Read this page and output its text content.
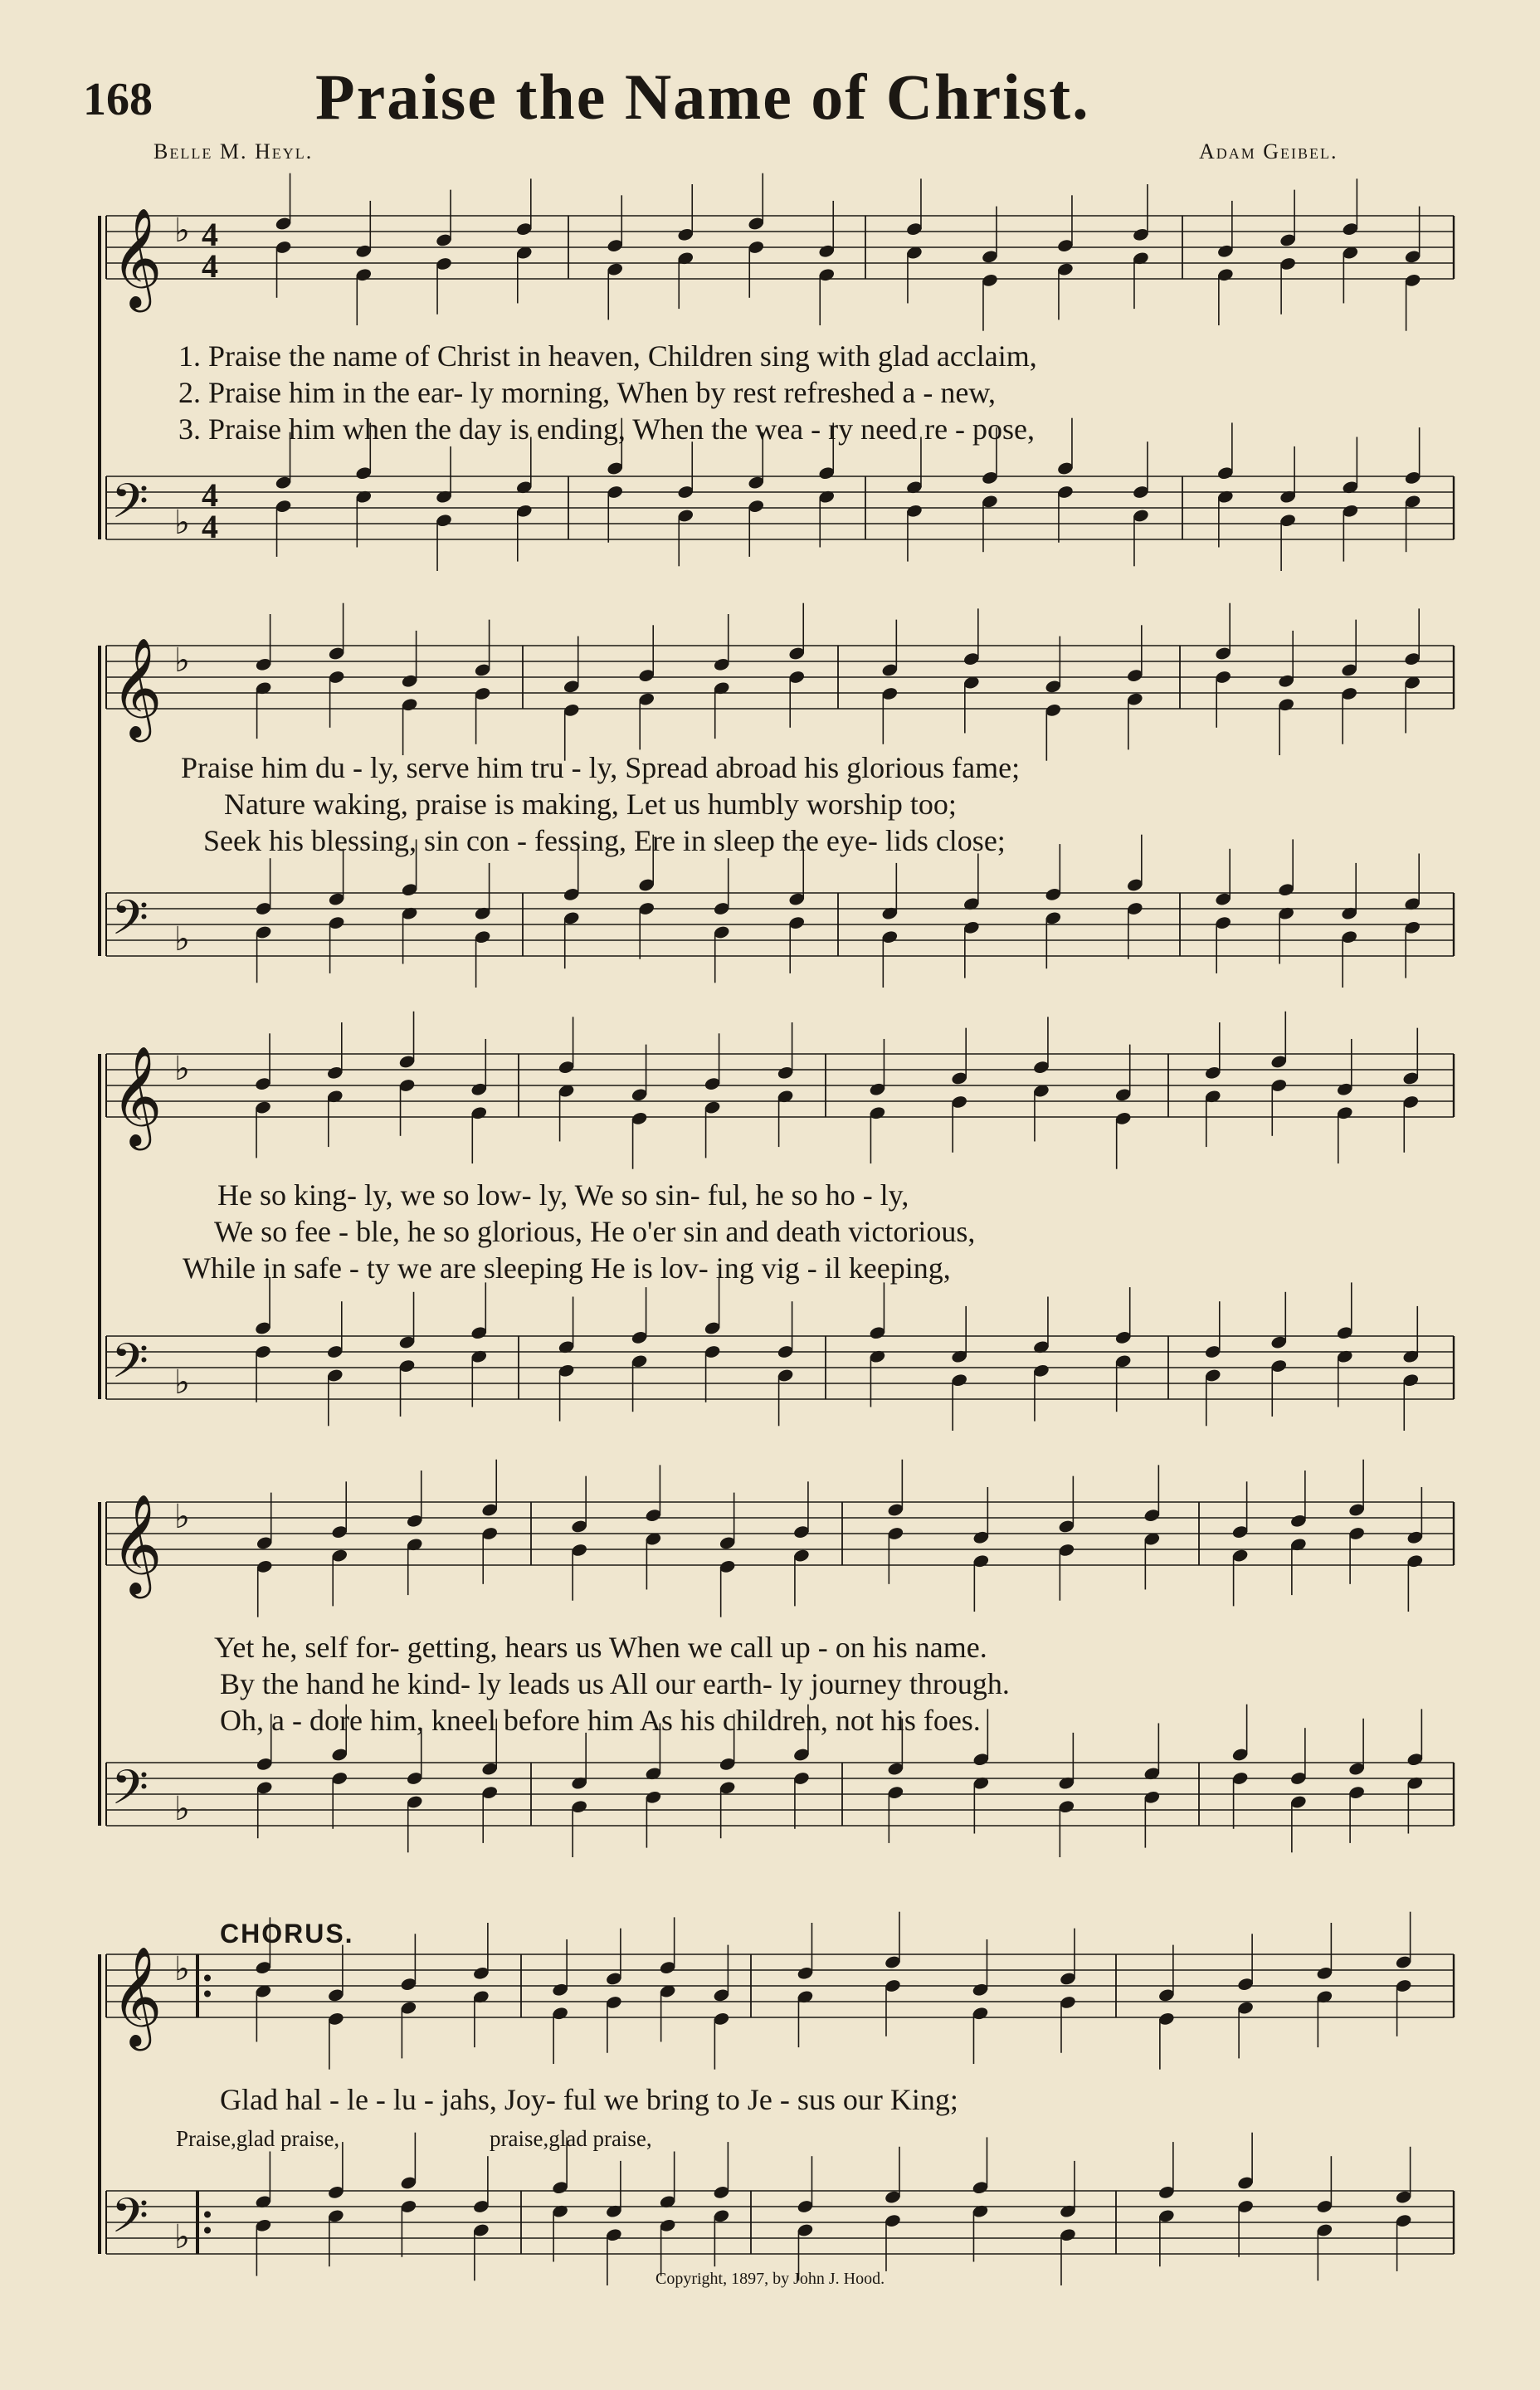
𝄞 ♭ 4
4
𝄢 ♭
4
4
𝄞 ♭
𝄢 ♭
𝄞 ♭
𝄢 ♭
𝄞 ♭
𝄢 ♭
𝄞 ♭
𝄢 ♭
168	Praise the Name of Christ.
Belle M. Heyl.	Adam Geibel.
1. Praise the name of Christ in heaven, Children sing with glad acclaim,
2. Praise him in the ear- ly morning, When by rest refreshed a - new,
3. Praise him when the day is ending, When the wea - ry need re - pose,
Praise him du - ly, serve him tru - ly, Spread abroad his glorious fame;
Nature waking, praise is making, Let us humbly worship too;
Seek his blessing, sin con - fessing, Ere in sleep the eye- lids close;
He so king- ly, we so low- ly, We so sin- ful, he so ho - ly,
We so fee - ble, he so glorious, He o'er sin and death victorious,
While in safe - ty we are sleeping He is lov- ing vig - il keeping,
Yet he, self for- getting, hears us When we call up - on his name.
By the hand he kind- ly leads us All our earth- ly journey through.
Oh, a - dore him, kneel before him As his children, not his foes.
CHORUS.
Glad hal - le - lu - jahs, Joy- ful we bring to Je - sus our King;
Praise,glad praise,	praise,glad praise,
Copyright, 1897, by John J. Hood.
